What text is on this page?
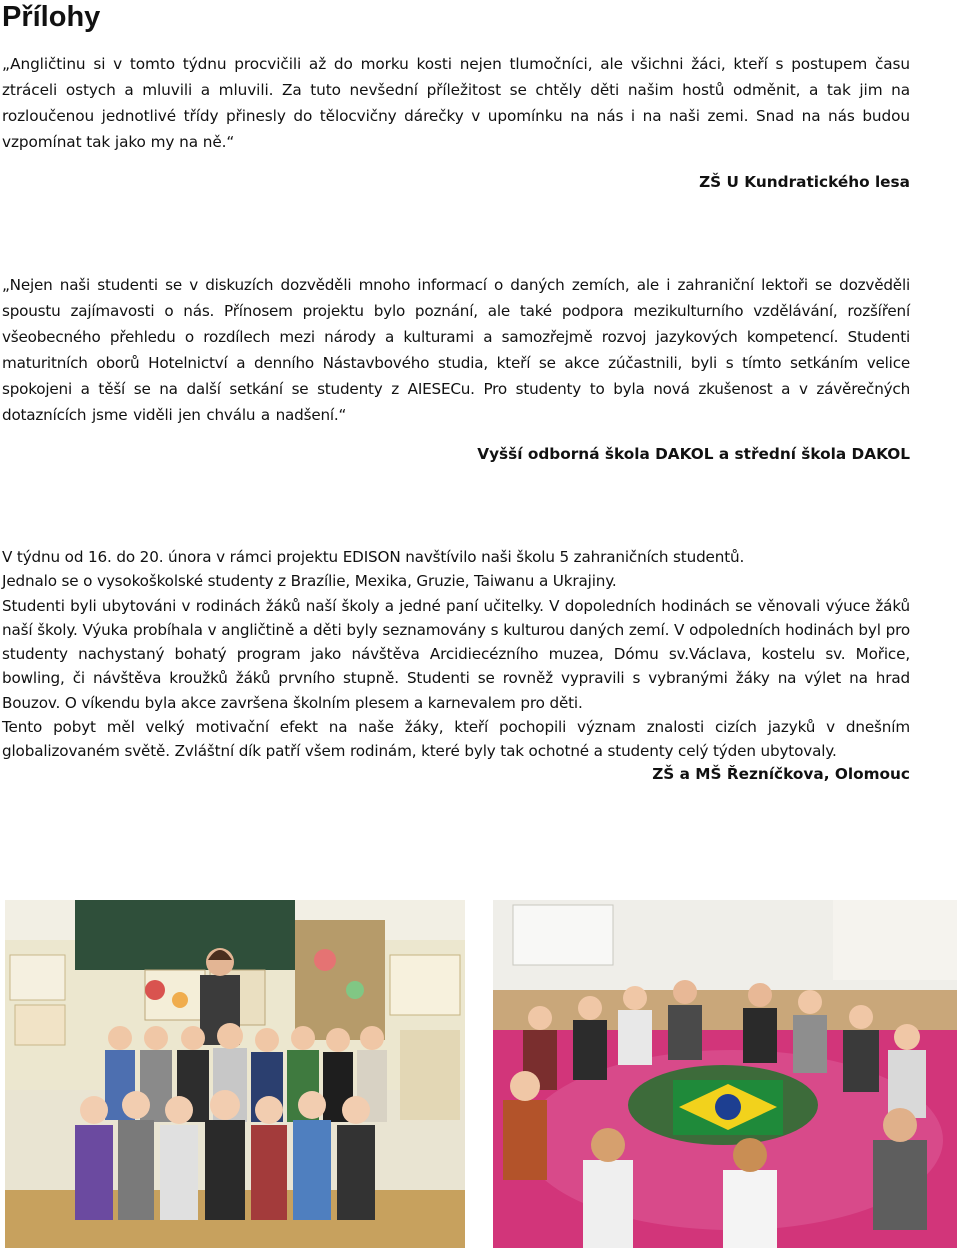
Přílohy
„Angličtinu si v tomto týdnu procvičili až do morku kosti nejen tlumočníci, ale všichni žáci, kteří s postupem času ztráceli ostych a mluvili a mluvili. Za tuto nevšední příležitost se chtěly děti našim hostů odměnit, a tak jim na rozloučenou jednotlivé třídy přinesly do tělocvičny dárečky v upomínku na nás i na naši zemi. Snad na nás budou vzpomínat tak jako my na ně.“
ZŠ U Kundratického lesa
„Nejen naši studenti se v diskuzích dozvěděli mnoho informací o daných zemích, ale i zahraniční lektoři se dozvěděli spoustu zajímavosti o nás. Přínosem projektu bylo poznání, ale také podpora mezikulturního vzdělávání, rozšíření všeobecného přehledu o rozdílech mezi národy a kulturami a samozřejmě rozvoj jazykových kompetencí. Studenti maturitních oborů Hotelnictví a denního Nástavbového studia, kteří se akce zúčastnili, byli s tímto setkáním velice spokojeni a těší se na další setkání se studenty z AIESECu. Pro studenty to byla nová zkušenost a v závěrečných dotaznících jsme viděli jen chválu a nadšení.“
Vyšší odborná škola DAKOL a střední škola DAKOL

V týdnu od 16. do 20. února v rámci projektu EDISON navštívilo naši školu 5 zahraničních studentů.

Jednalo se o vysokoškolské studenty z Brazílie, Mexika, Gruzie, Taiwanu a Ukrajiny.

Studenti byli ubytováni v rodinách žáků naší školy a jedné paní učitelky. V dopoledních hodinách se věnovali výuce žáků naší školy. Výuka probíhala v angličtině a děti byly seznamovány s kulturou daných zemí. V odpoledních hodinách byl pro studenty nachystaný bohatý program jako návštěva Arcidiecézního muzea, Dómu sv.Václava, kostelu sv. Mořice, bowling, či návštěva kroužků žáků prvního stupně. Studenti se rovněž vypravili s vybranými žáky na výlet na hrad Bouzov. O víkendu byla akce završena školním plesem a karnevalem pro děti.

Tento pobyt měl velký motivační efekt na naše žáky, kteří pochopili význam znalosti cizích jazyků v dnešním globalizovaném světě. Zvláštní dík patří všem rodinám, které byly tak ochotné a studenty celý týden ubytovaly.

ZŠ a MŠ Řezníčkova, Olomouc
